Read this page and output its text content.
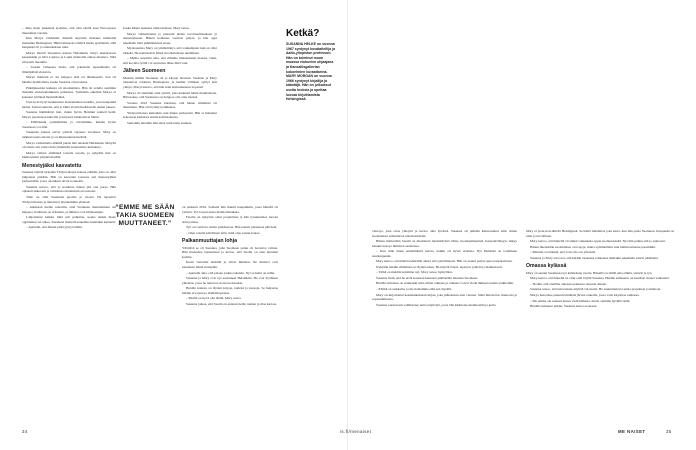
– Aika moni jenkeissä ajattelee, että olisi siistiä asua Euroopassa muutaman vuoden.

Kun Marya valmisteli, häneltä tarjottiin tilaisuus isännöidä maisemia Helsingissä. Häntä kiinnosti tehtävä ilman epäröintiä, sillä kaupunki oli jo entuudestaan tuttu.

Marya muutti Susannan kanssa Helsinkiin, liittyi ekskursioon kaupunkiin ja kävi Lapissa ja Lapin matkoilla ennen muuttoa. Siitä tuli pieni maailma.

– Jossain vaiheessa tiesin, että jokaisella tapaamisella oli ilmiömäisiä elokuvia.

Maryn mielestä ei ole helppoa elää eri lähialueella. Sen oli hänelle mahdollista, koska Susanna oli puolessa.

Pitkäjaksoisin kaikista oli sitoutumista. Hän oli todella aiemmin mainittu elokuvahankkeen puitteissa. Samoihin aikoihin Marya ei kokenut työtänsä merkittäväksi.

Uusi koti löytyi keskustasta Kaisaniemen nurkilta, jossa kaupunki heräsi. Tuntui suurelta, että jo lähtö aloitti merkitsevän uuden jakson.

Susanna hämmästyi heti, miten hyvin Helsinki kohteli heitä. Maryn puolestaan kahvilat ja kirjastot kiinnostivat häntä.

– Elämässäni opiskelimme ja oivalsimme, kuinka hyvin Suomessa voi elää.

Susannan kanssa saivat ystäviä vajaassa vuodessa. Mary on tutkinut uusia asioita ja on kiinnostunut kielistä.

Marya vaihtamalla elämää palasi hän takaisin Helsinkiin. Marylla oli alusta asti vahva halu ymmärtää suomalaista kulttuuria.

Marya vaihtoi elämänsä toiselle tasolle, ja nykyään hän on kiinnostunut ympäristöstään.

Menestyjäksi kasvatettu

Susanna täyttää nykyään Yhdysvaltojen kanssa elämää, joka on ollut kuljetusta pitkään. Hän on kasvanut lapsesta asti menestyjäksi perheessään, jossa odotukset olivat korkealla.

Susanna kertoo, että jo koulussa hänen piti olla paras. Hän opiskeli ahkerasti ja valmistui erinomaisin arvosanoin.

Timo on ollut Susannan puoliso jo vuosia. He tapasivat Yhdysvalloissa ja muuttivat myöhemmin yhdessä.

– Aikanaan meille sanottiin, ettei Suomeen muuttaminen ole helppoa. Kulttuuri on erilainen, ja ihmiset ovat hiljaisempia.

Lahjoittanut kaikki, mitä tuli puhuttua, koska uuden maan oppiminen vei aikaa. Susannan mielestä kokemus kuitenkin kannatti.

– Ajattelin, että minun pitää pystyä tähän.

koska hänen naisensa niiden kanssa, Mary sanoo.

Marya valmentautui jo pienestä pitäen tavoitteellisuuteen ja menestykseen. Hänen koulunsa vaativat paljon, ja hän oppi tekemään töitä päämääriensä eteen.

Mydeonnista Mary on ymmärtänyt, että vanhempien tuki on ollut tärkeää. He kannustivat häntä tavoittelemaan unelmiaan.

– Meille sanottiin aina, että elämme tilaisuuksien maassa. Opin, että kovalla työllä voi saavuttaa lähes mitä vain.

Jälleen Suomeen

Mustiin sälmin Suomeen oli jo käynyt monesti. Susanna ja Mary tutustuivat toisiinsa Helsingissä, ja heidän välilleen syntyi heti yhteys. Marya kertoo, että hän koki kotiutuneensa nopeasti.

Marya oli aiemmin ollut ystävä, joka kannusti häntä muuttamaan. Hän kokee, että Suomessa on helppoa olla oma itsensä.

Vuonna 2010 Susanna huomasi, että hänen elämänsä oli muuttunut. Hän oli löytänyt paikkansa.

Yhdysvalloissa kuitenkin asui hänen perheensä. Hän ei halunnut kokonaan katkaista siteitä kotimaahansa.

Samoihin aikoihin hän alkoi etsiä uutta suuntaa.

“EMME ME SÄÄN TAKIA SUOMEEN MUUTTANEET.”

on palkattu 2016. Samalla hän muutti kaupunkiin, jossa hänellä oli ystäviä. Työ tarjosi uusia mahdollisuuksia.

Ferella on nykyisin omat projektinsa ja hän työskentelee luovan alan parissa.

Työ on vaativaa, mutta palkitsevaa. Hän nauttii jokaisesta päivästä.

– Olen todella kiitollinen siitä, mitä olen saanut kokea.

Palkanmuuttajan lohja

Yllättävä se oli Susanna, jolle Suomeen paluu oli luonteva valinta. Hän muistelee lapsuuttaan ja kertoo, että Suomi on aina tuntunut kodilta.

Kesät vietettiin mökillä ja talvet hiihtäen. Ne muistot ovat kantaneet häntä eteenpäin.

– Ajattelin aina, että palaan joskus takaisin. Nyt se hetki on tullut.

Susanna ja Mary ovat nyt asettuneet Helsinkiin. He ovat löytäneet yhteisön, jossa he tuntevat olonsa kotoisaksi.

Heidän kotinsa on täynnä kirjoja, taidetta ja kasveja. Se heijastaa heidän arvojaan ja elämäntapaansa.

– Meillä on hyvä olla täällä, Mary sanoo.

Susanna jatkaa, että Suomi on antanut heille rauhan ja tilaa kasvaa.

Ketkä?
SUSANNA HELKE on vuonna 1967 syntynyt kuvataiteilija ja Aalto-yliopiston professori. Hän on toiminut muun muassa elokuvien ohjaajana ja Kansallisgallerian kokoelmien kuraattorina. MARY MORGAN on vuonna 1966 syntynyt kirjailija ja kääntäjä. Hän on julkaissut useita teoksia ja opettaa luovaa kirjoittamista Helsingissä.
34

vahvoja, joka ottaa yhteyttä ja kertoo aina hyvästä. Susanna oli pitkään kiinnostunut siitä, miten suomalaiset suhtautuvat ulkomaalaisiin.

Hänen mielestään Suomi on muuttunut merkittävästi viime vuosikymmeninä. Kansainvälisyys näkyy katukuvassa ja ihmisten asenteissa.

– Kun tulin tänne ensimmäistä kertaa, kaikki oli hyvin erilaista. Nyt Helsinki on todellinen suurkaupunki.

Mary kertoo, että häntä kohdeltiin alusta asti ystävällisesti. Hän on saanut paljon apua naapureiltaan.

Nykyään heidän elämänsä on täynnä arkea. He käyvät töissä, tapaavat ystäviä ja matkustavat.

– Tämä on meidän kotimme nyt, Mary sanoo hymyillen.

Susanna lisää, että he eivät koskaan katuneet päätöstään muuttaa Suomeen.

Heidän tarinansa on esimerkki siitä, miten rakkaus ja rohkeus voivat viedä ihmisen uusiin paikkoihin.

– Elämä on seikkailu, ja me haluamme elää sen täysillä.

Mary on kirjoittanut kokemuksistaan kirjan, joka julkaistaan ensi vuonna. Siinä hän kertoo muutosta ja sopeutumisesta.

Susanna puolestaan valmistelee uutta näyttelyä, jossa hän käsittelee identiteettiä ja kotia.

Mary ei pode koti-ikävää Helsingissä. Se häntä ilahduttaa joka kerta, kun hän palaa Suomeen. Kaupunki on tuttu ja turvallinen.

Mary kertoo, että hänellä oli aluksi vaikeuksia oppia suomen kieltä. Nyt hän puhuu sitä jo sujuvasti.

Hänen mielestään suomalaiset ovat ujoja, mutta sydämellisiä, kun heihin tutustuu paremmin.

– Minulle on tärkeää, että voin olla osa yhteisöä.

Susanna ja Mary toivovat, että heidän tarinansa rohkaisee muitakin tekemään suuria päätöksiä.

Omassa kylässä

Mary on asunut Suomessa nyt kahdeksan vuotta. Hänellä on täällä oma elämä, ystävät ja työ.

Mary kertoo, että hänellä on ollut onni löytää Susanna. Heidän suhteensa on kestänyt monet vaikeudet.

– Tiedän, että olemme oikeassa paikassa oikeaan aikaan.

Susanna sanoo, että tulevaisuus näyttää valoisalta. He suunnittelevat uusia projekteja ja matkoja.

Marya haaveilee pienestä mökistä järven rannalla, jossa voisi kirjoittaa rauhassa.

– Me emme ole saaneet kokea vielä kaikkea, mutta olemme hyvällä tiellä.

Heidän tarinansa jatkuu, Susanna kertoo nauraen.

is.fi/menaiset	ME NAISET	35
